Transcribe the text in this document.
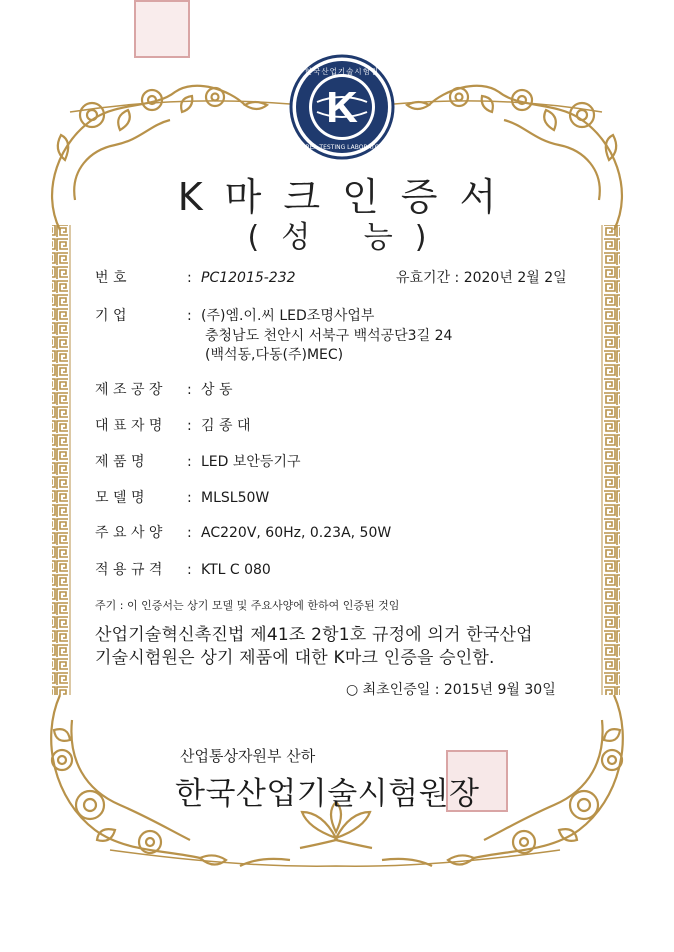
K
한국산업기술시험원
KOREA TESTING LABORATORY
K마크인증서
(성 능)
번 호	: PC12015-232	유효기간 : 2020년 2월 2일
기 업	: (주)엠.이.씨 LED조명사업부
충청남도 천안시 서북구 백석공단3길 24
(백석동,다동(주)MEC)
제 조 공 장 : 상 동
대 표 자 명 : 김 종 대
제 품 명	: LED 보안등기구
모 델 명	: MLSL50W
주 요 사 양 : AC220V, 60Hz, 0.23A, 50W
적 용 규 격 : KTL C 080
주기 : 이 인증서는 상기 모델 및 주요사양에 한하여 인증된 것임
산업기술혁신촉진법 제41조 2항1호 규정에 의거 한국산업
기술시험원은 상기 제품에 대한 K마크 인증을 승인함.
○ 최초인증일 : 2015년 9월 30일
산업통상자원부 산하
한국산업기술시험원장
